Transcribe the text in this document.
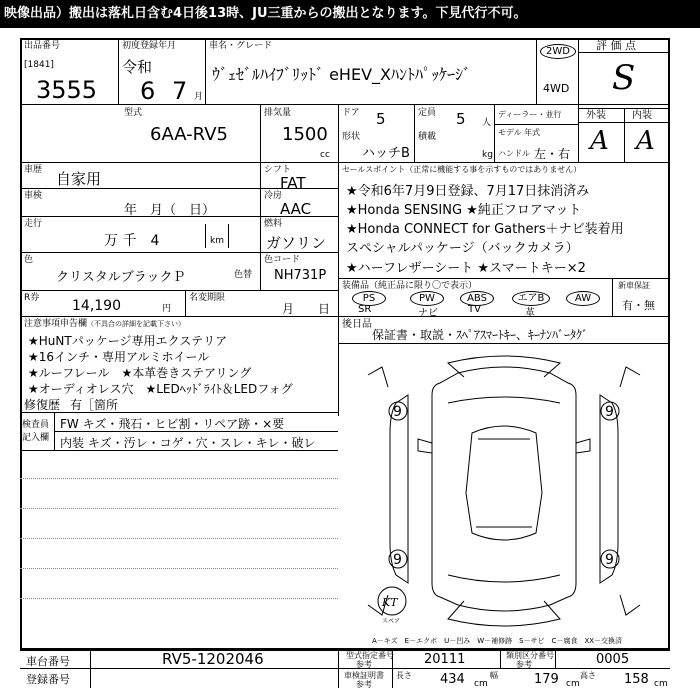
映像出品）搬出は落札日含む4日後13時、JU三重からの搬出となります。下見代行不可。
出品番号
[1841]
3555
初度登録年月
令和
6 7 月
車名・グレード
ｳﾞｪｾﾞﾙﾊｲﾌﾞﾘｯﾄﾞ eHEV_Xﾊﾝﾄﾊﾟｯｹｰｼﾞ
2WD
4WD
評 価 点
S
型式
6AA-RV5
排気量
1500
cc
ドア 5
形状
ハッチB
定員 5 人
積載
kg
ディーラー・並行
モデル 年式
ハンドル 左・右
外装
A
内装
A
車歴 自家用	シフト
FAT
車検
年　月（　日）
冷房
AAC
走行
万 千　4	km
燃料
ガソリン
色
クリスタルブラックＰ	色替
色コード
NH731P
R券 14,190	円
名変期限
月　　日
セールスポイント（正常に機能する事を示すものではありません）
★令和6年7月9日登録、7月17日抹消済み
★Honda SENSING ★純正フロアマット
★Honda CONNECT for Gathers＋ナビ装着用
スペシャルパッケージ（バックカメラ）
★ハーフレザーシート ★スマートキー×2
装備品（純正品に限り〇で表示）
PS	PW	ABS	エアB	AW
SR	ナビ	TV	革
新車保証
有・無
注意事項申告欄（不具合の詳細を記載下さい）
★HuNTパッケージ専用エクステリア
★16インチ・専用アルミホイール
★ルーフレール　★本革巻きステアリング
★オーディオレス穴　★LEDﾍｯﾄﾞﾗｲﾄ＆LEDフォグ
修復歴 有［箇所
後日品
保証書・取説・ｽﾍﾟｱｽﾏｰﾄｷｰ、ｷｰﾅﾝﾊﾞｰﾀｸﾞ
検査員
記入欄
FW キズ・飛石・ヒビ割・リペア跡・×要
内装 キズ・汚レ・コゲ・穴・スレ・キレ・破レ
9	9
9	9
KT
スペア
A－キズ　E－エクボ　U－凹み　W－補修跡　S－サビ　C－腐食　XX－交換済
車台番号	RV5-1202046
登録番号
型式指定番号
参考	20111	類別区分番号
参考	0005
車検証明書
参考
長さ 434 cm
幅	179 cm
高さ 158 cm
